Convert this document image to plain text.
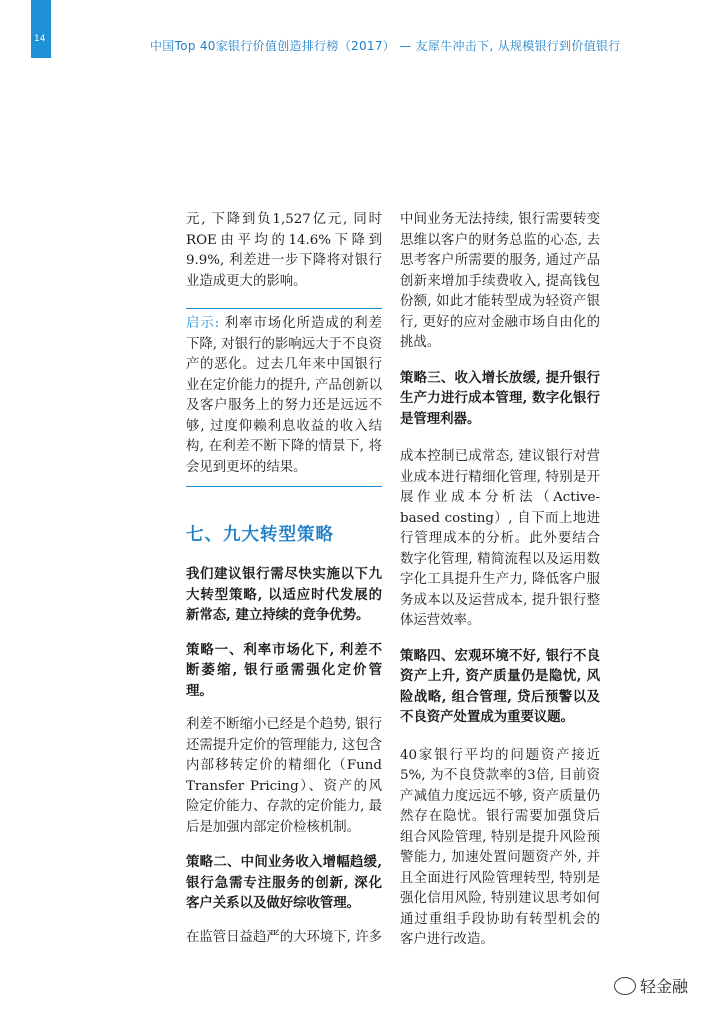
14	中国Top 40家银行价值创造排行榜（2017） — 友犀牛冲击下, 从规模银行到价值银行

元, 下降到负1,527亿元, 同时ROE由平均的14.6%下降到9.9%, 利差进一步下降将对银行业造成更大的影响。

启示: 利率市场化所造成的利差下降, 对银行的影响远大于不良资产的恶化。过去几年来中国银行业在定价能力的提升, 产品创新以及客户服务上的努力还是远远不够, 过度仰赖利息收益的收入结构, 在利差不断下降的情景下, 将会见到更坏的结果。

七、九大转型策略

我们建议银行需尽快实施以下九大转型策略, 以适应时代发展的新常态, 建立持续的竞争优势。

策略一、利率市场化下, 利差不断萎缩, 银行亟需强化定价管理。

利差不断缩小已经是个趋势, 银行还需提升定价的管理能力, 这包含内部移转定价的精细化（Fund Transfer Pricing）、资产的风险定价能力、存款的定价能力, 最后是加强内部定价检核机制。

策略二、中间业务收入增幅趋缓, 银行急需专注服务的创新, 深化客户关系以及做好综收管理。

在监管日益趋严的大环境下, 许多

中间业务无法持续, 银行需要转变思维以客户的财务总监的心态, 去思考客户所需要的服务, 通过产品创新来增加手续费收入, 提高钱包份额, 如此才能转型成为轻资产银行, 更好的应对金融市场自由化的挑战。

策略三、收入增长放缓, 提升银行生产力进行成本管理, 数字化银行是管理利器。

成本控制已成常态, 建议银行对营业成本进行精细化管理, 特别是开展作业成本分析法（Active-based costing）, 自下而上地进行管理成本的分析。此外要结合数字化管理, 精简流程以及运用数字化工具提升生产力, 降低客户服务成本以及运营成本, 提升银行整体运营效率。

策略四、宏观环境不好, 银行不良资产上升, 资产质量仍是隐忧, 风险战略, 组合管理, 贷后预警以及不良资产处置成为重要议题。

40家银行平均的问题资产接近5%, 为不良贷款率的3倍, 目前资产减值力度远远不够, 资产质量仍然存在隐忧。银行需要加强贷后组合风险管理, 特别是提升风险预警能力, 加速处置问题资产外, 并且全面进行风险管理转型, 特别是强化信用风险, 特别建议思考如何通过重组手段协助有转型机会的客户进行改造。

轻金融
